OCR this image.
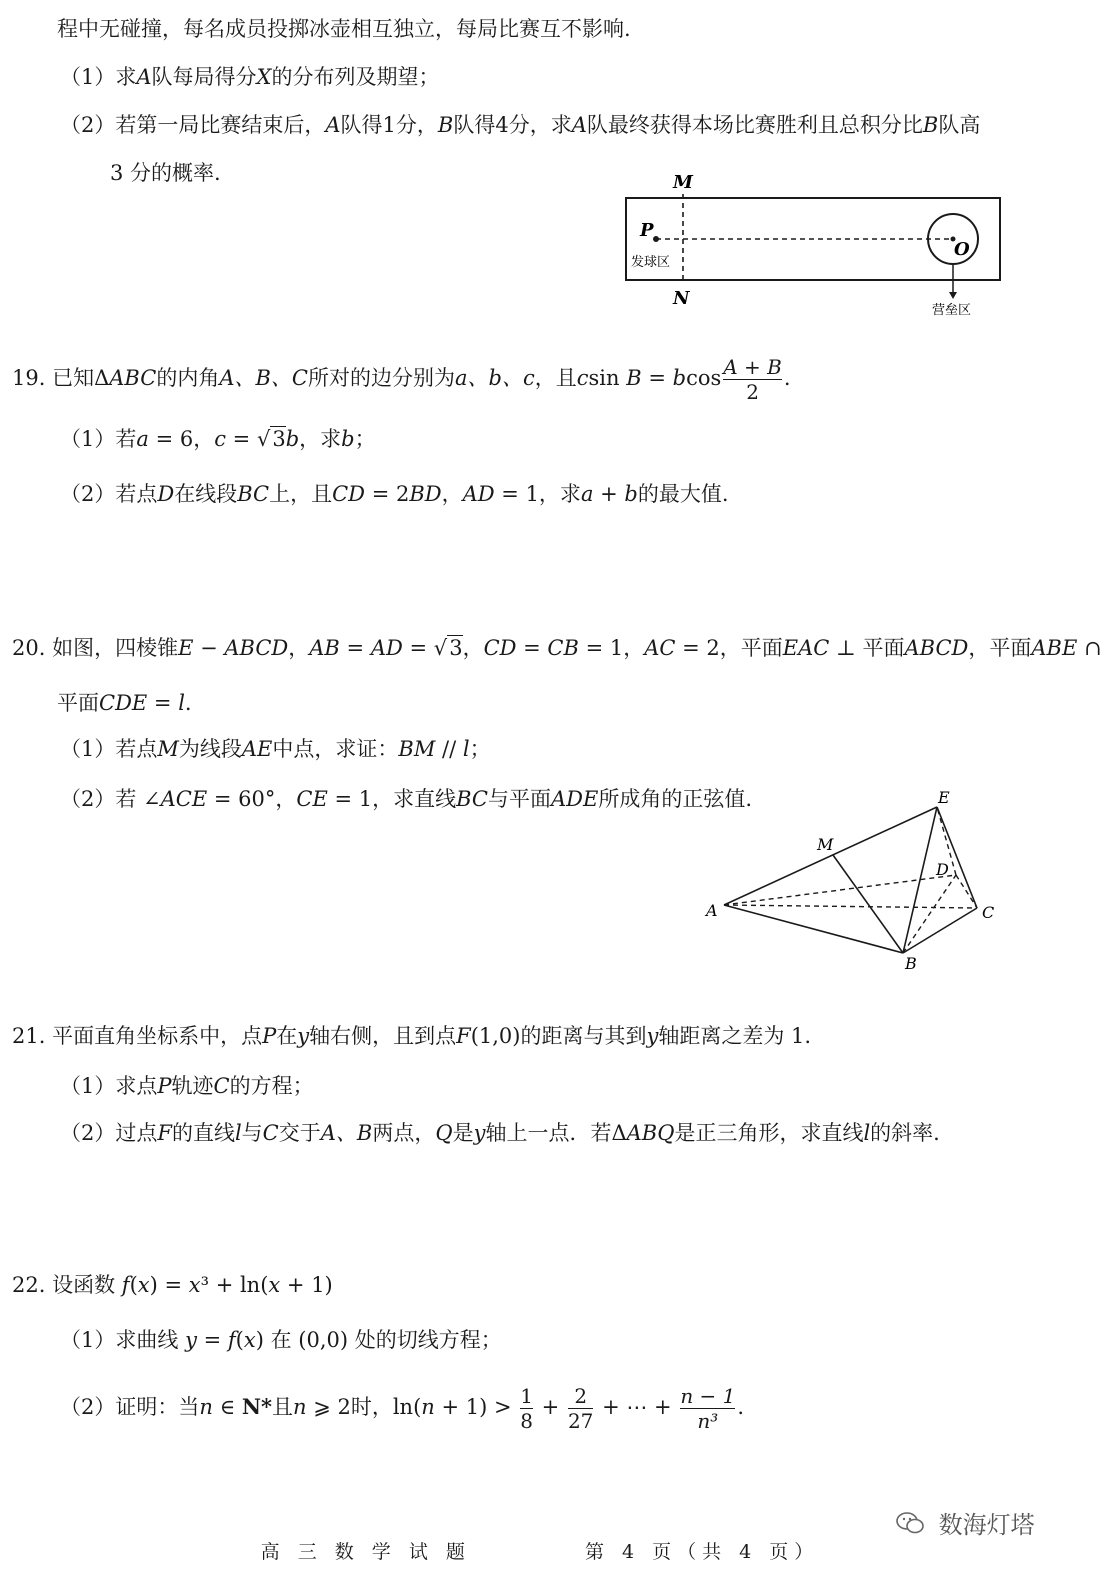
程中无碰撞，每名成员投掷冰壶相互独立，每局比赛互不影响.
（1）求A队每局得分X的分布列及期望；
（2）若第一局比赛结束后，A队得1分，B队得4分，求A队最终获得本场比赛胜利且总积分比B队高
3 分的概率.	M
N
P
O
发球区
营垒区
19. 已知ΔABC的内角A、B、C所对的边分别为a、b、c，且csin B = bcos $\frac{A + B}{2}$ .
（1）若a = 6，c = √3b，求b；
（2）若点D在线段BC上，且CD = 2BD，AD = 1，求a + b的最大值.
20. 如图，四棱锥E − ABCD，AB = AD = √3，CD = CB = 1，AC = 2，平面EAC ⊥ 平面ABCD，平面ABE ∩
平面CDE = l.
（1）若点M为线段AE中点，求证：BM // l；
（2）若 ∠ACE = 60°，CE = 1，求直线BC与平面ADE所成角的正弦值.
A
B
C
D
E
M
21. 平面直角坐标系中，点P在y轴右侧，且到点F(1,0)的距离与其到y轴距离之差为 1.
（1）求点P轨迹C的方程；
（2）过点F的直线l与C交于A、B两点，Q是y轴上一点．若ΔABQ是正三角形，求直线l的斜率.
22. 设函数 f(x) = x³ + ln(x + 1)
（1）求曲线 y = f(x) 在 (0,0) 处的切线方程；
（2）证明：当n ∈ N*且n ⩾ 2时，$\ln(n + 1) > \frac{1}{8} + \frac{2}{27}$ + ⋯ + $\frac{n - 1}{\text{n³}}$ .
数海灯塔
高 三 数 学 试 题	第 4 页（共 4 页）
